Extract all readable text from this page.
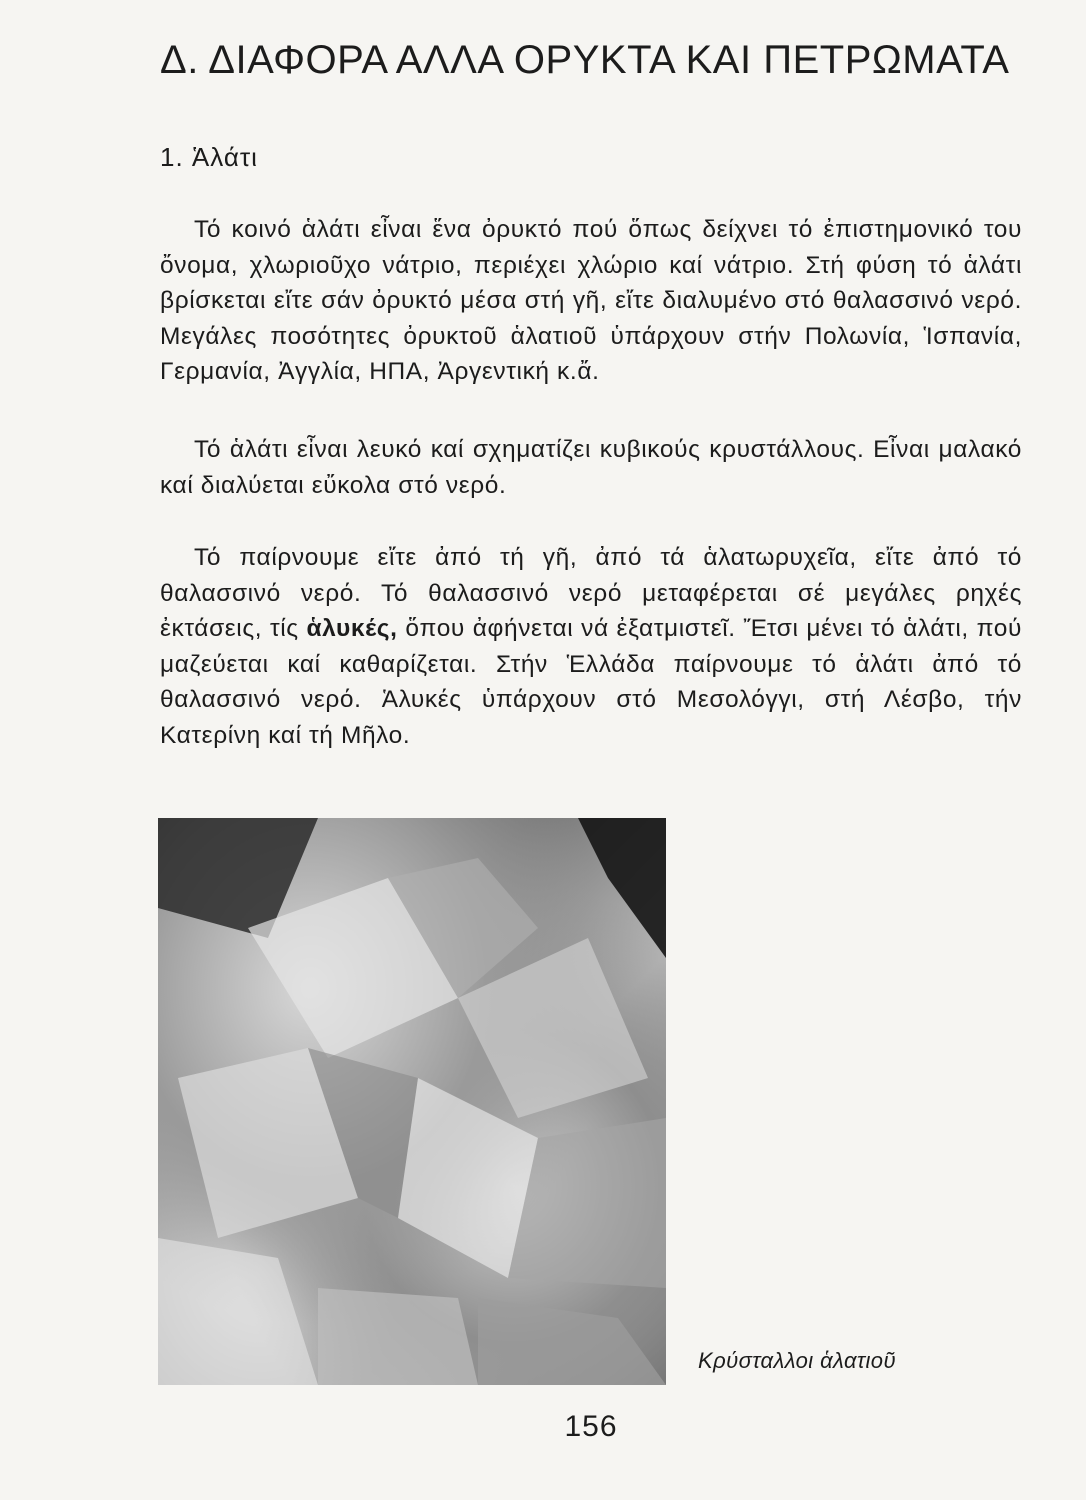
Δ. ΔΙΑΦΟΡΑ ΑΛΛΑ ΟΡΥΚΤΑ ΚΑΙ ΠΕΤΡΩΜΑΤΑ
1. Ἁλάτι

Τό κοινό ἁλάτι εἶναι ἕνα ὀρυκτό πού ὅπως δείχνει τό ἐπιστημονικό του ὄνομα, χλωριοῦχο νάτριο, περιέχει χλώριο καί νάτριο. Στή φύση τό ἁλάτι βρίσκεται εἴτε σάν ὀρυκτό μέσα στή γῆ, εἴτε διαλυμένο στό θαλασσινό νερό. Μεγάλες ποσότητες ὀρυκτοῦ ἁλατιοῦ ὑπάρχουν στήν Πολωνία, Ἱσπανία, Γερμανία, Ἀγγλία, ΗΠΑ, Ἀργεντική κ.ἄ.

Τό ἁλάτι εἶναι λευκό καί σχηματίζει κυβικούς κρυστάλλους. Εἶναι μαλακό καί διαλύεται εὔκολα στό νερό.

Τό παίρνουμε εἴτε ἀπό τή γῆ, ἀπό τά ἁλατωρυχεῖα, εἴτε ἀπό τό θαλασσινό νερό. Τό θαλασσινό νερό μεταφέρεται σέ μεγάλες ρηχές ἐκτάσεις, τίς ἁλυκές, ὅπου ἀφήνεται νά ἐξατμιστεῖ. Ἔτσι μένει τό ἁλάτι, πού μαζεύεται καί καθαρίζεται. Στήν Ἑλλάδα παίρνουμε τό ἁλάτι ἀπό τό θαλασσινό νερό. Ἁλυκές ὑπάρχουν στό Μεσολόγγι, στή Λέσβο, τήν Κατερίνη καί τή Μῆλο.

Κρύσταλλοι ἁλατιοῦ
156
